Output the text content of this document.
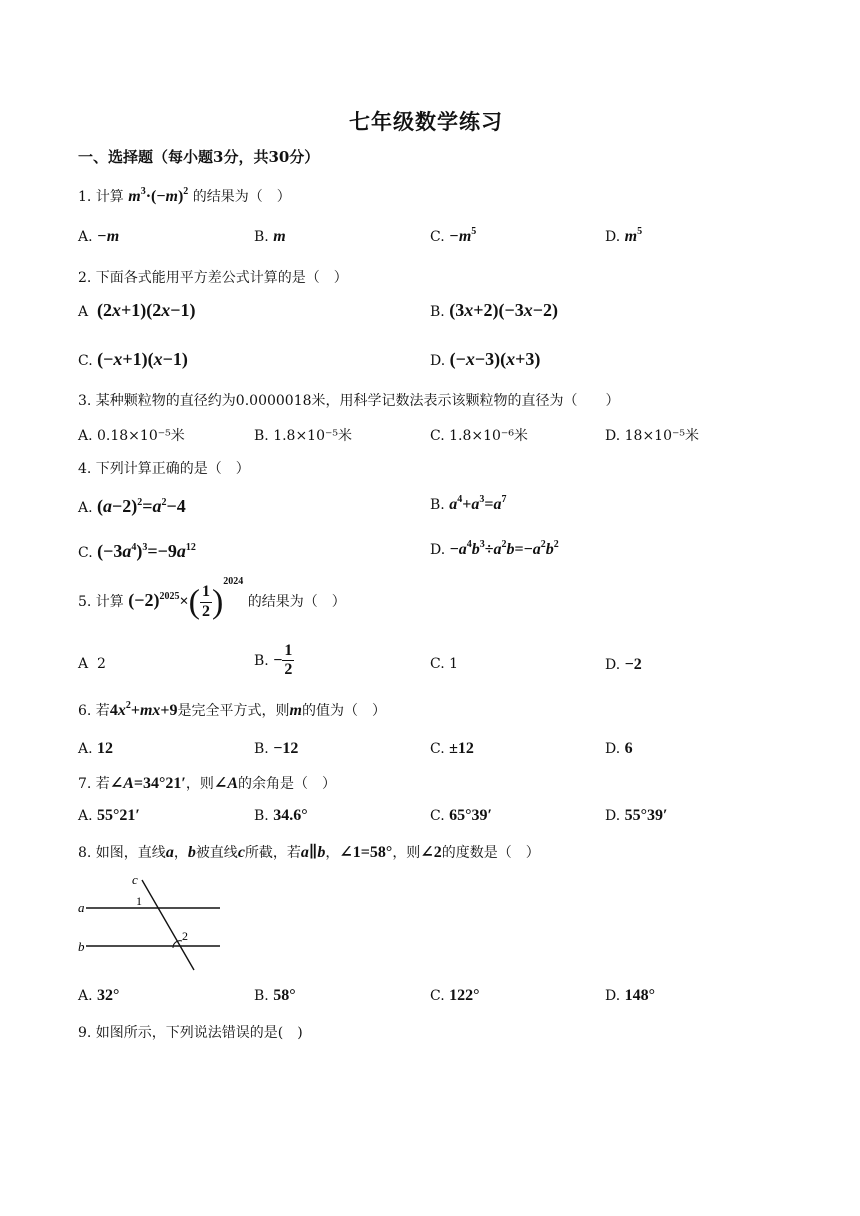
七年级数学练习
一、选择题（每小题3分，共30分）
1. 计算 $m^3\cdot(-m)^2$ 的结果为（　）
A. −m	B. m	C. $-m^5$	D. $m^5$
2. 下面各式能用平方差公式计算的是（　）
A (2x+1)(2x−1)	B. (3x+2)(−3x−2)
C. (−x+1)(x−1)	D. (−x−3)(x+3)
3. 某种颗粒物的直径约为0.0000018米，用科学记数法表示该颗粒物的直径为（　　）
A. 0.18×10⁻⁵米	B. 1.8×10⁻⁵米	C. 1.8×10⁻⁶米	D. 18×10⁻⁵米
4. 下列计算正确的是（　）
A. $(a-2)^2=a^2-4$	B. $a^4+a^3=a^7$
C. $(-3a^4)^3=-9a^{12}$	D. $-a^4b^3\div a^2b=-a^2b^2$
5. 计算 $(-2)^{2025}\times( \frac{1}{2} )^{2024}$ 的结果为（　）
A 2	B. − $\frac{1}{2}$	C. 1	D. −2
6. 若$4x^2+mx+9$是完全平方式，则m的值为（　）
A. 12	B. −12	C. ±12	D. 6
7. 若∠A=34°21′，则∠A的余角是（　）
A. 55°21′	B. 34.6°	C. 65°39′	D. 55°39′
8. 如图，直线a，b被直线c所截，若a∥b，∠1=58°，则∠2的度数是（　）
a
b
c
1
2
A. 32°	B. 58°	C. 122°	D. 148°
9. 如图所示，下列说法错误的是(　)
